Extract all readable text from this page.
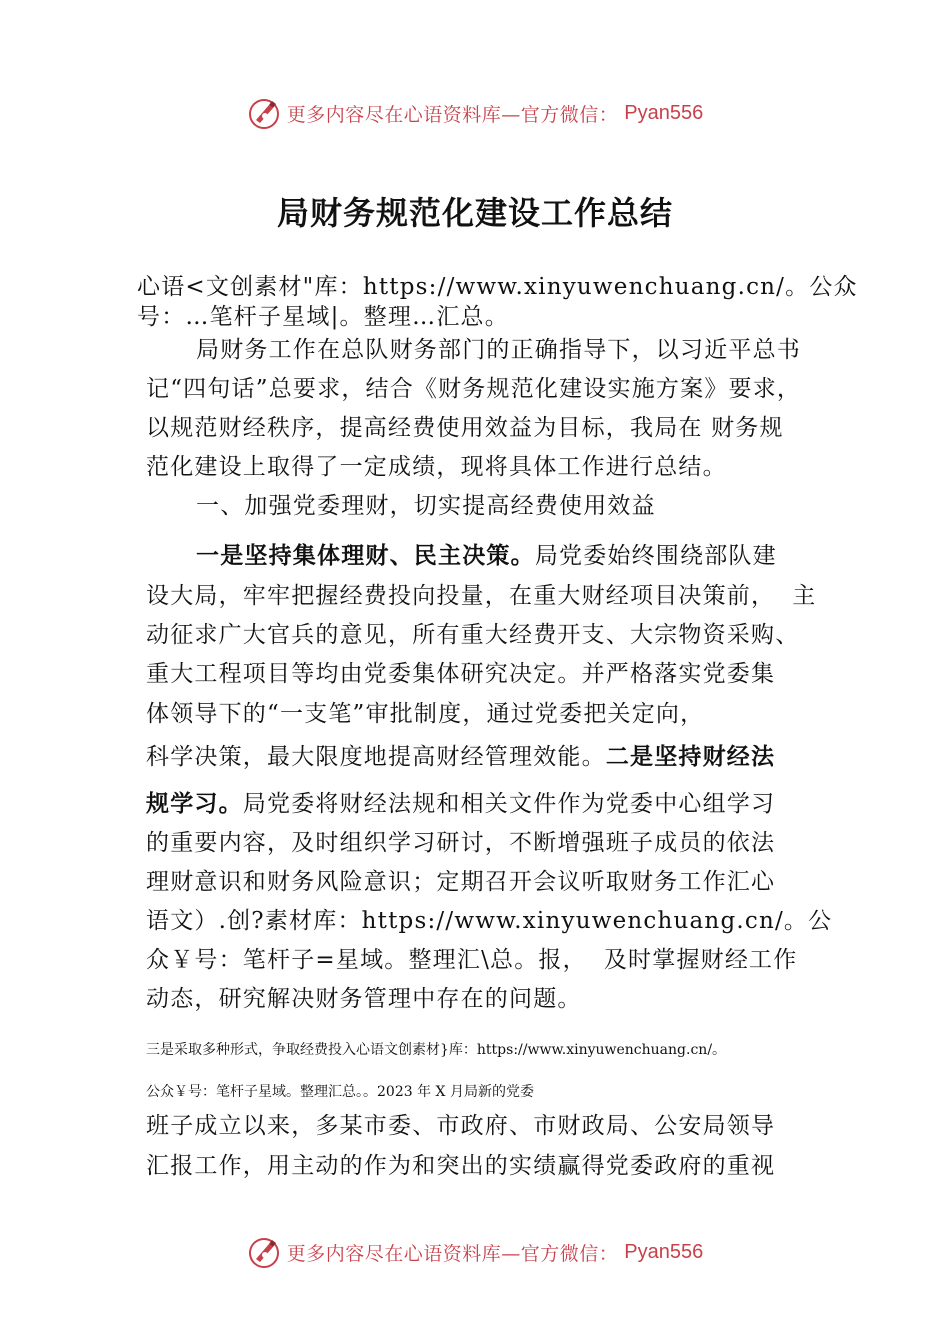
更多内容尽在心语资料库—官方微信： Pyan556
局财务规范化建设工作总结
心语<文创素材"库：https://www.xinyuwenchuang.cn/。公众
号：…笔杆子星域|。整理…汇总。
局财务工作在总队财务部门的正确指导下，以习近平总书
记“四句话”总要求，结合《财务规范化建设实施方案》要求，
以规范财经秩序，提高经费使用效益为目标，我局在 财务规
范化建设上取得了一定成绩，现将具体工作进行总结。
一、加强党委理财，切实提高经费使用效益
一是坚持集体理财、民主决策。局党委始终围绕部队建
设大局，牢牢把握经费投向投量，在重大财经项目决策前，  主
动征求广大官兵的意见，所有重大经费开支、大宗物资采购、
重大工程项目等均由党委集体研究决定。并严格落实党委集
体领导下的“一支笔”审批制度，通过党委把关定向，
科学决策，最大限度地提高财经管理效能。二是坚持财经法
规学习。局党委将财经法规和相关文件作为党委中心组学习
的重要内容，及时组织学习研讨，不断增强班子成员的依法
理财意识和财务风险意识；定期召开会议听取财务工作汇心
语文）.创?素材库：https://www.xinyuwenchuang.cn/。公
众￥号：笔杆子=星域。整理汇\总。报，  及时掌握财经工作
动态，研究解决财务管理中存在的问题。
三是采取多种形式，争取经费投入心语文创素材}库：https://www.xinyuwenchuang.cn/。
公众￥号：笔杆子星域。整理汇总。。2023 年 X 月局新的党委
班子成立以来，多某市委、市政府、市财政局、公安局领导
汇报工作，用主动的作为和突出的实绩赢得党委政府的重视
更多内容尽在心语资料库—官方微信： Pyan556
